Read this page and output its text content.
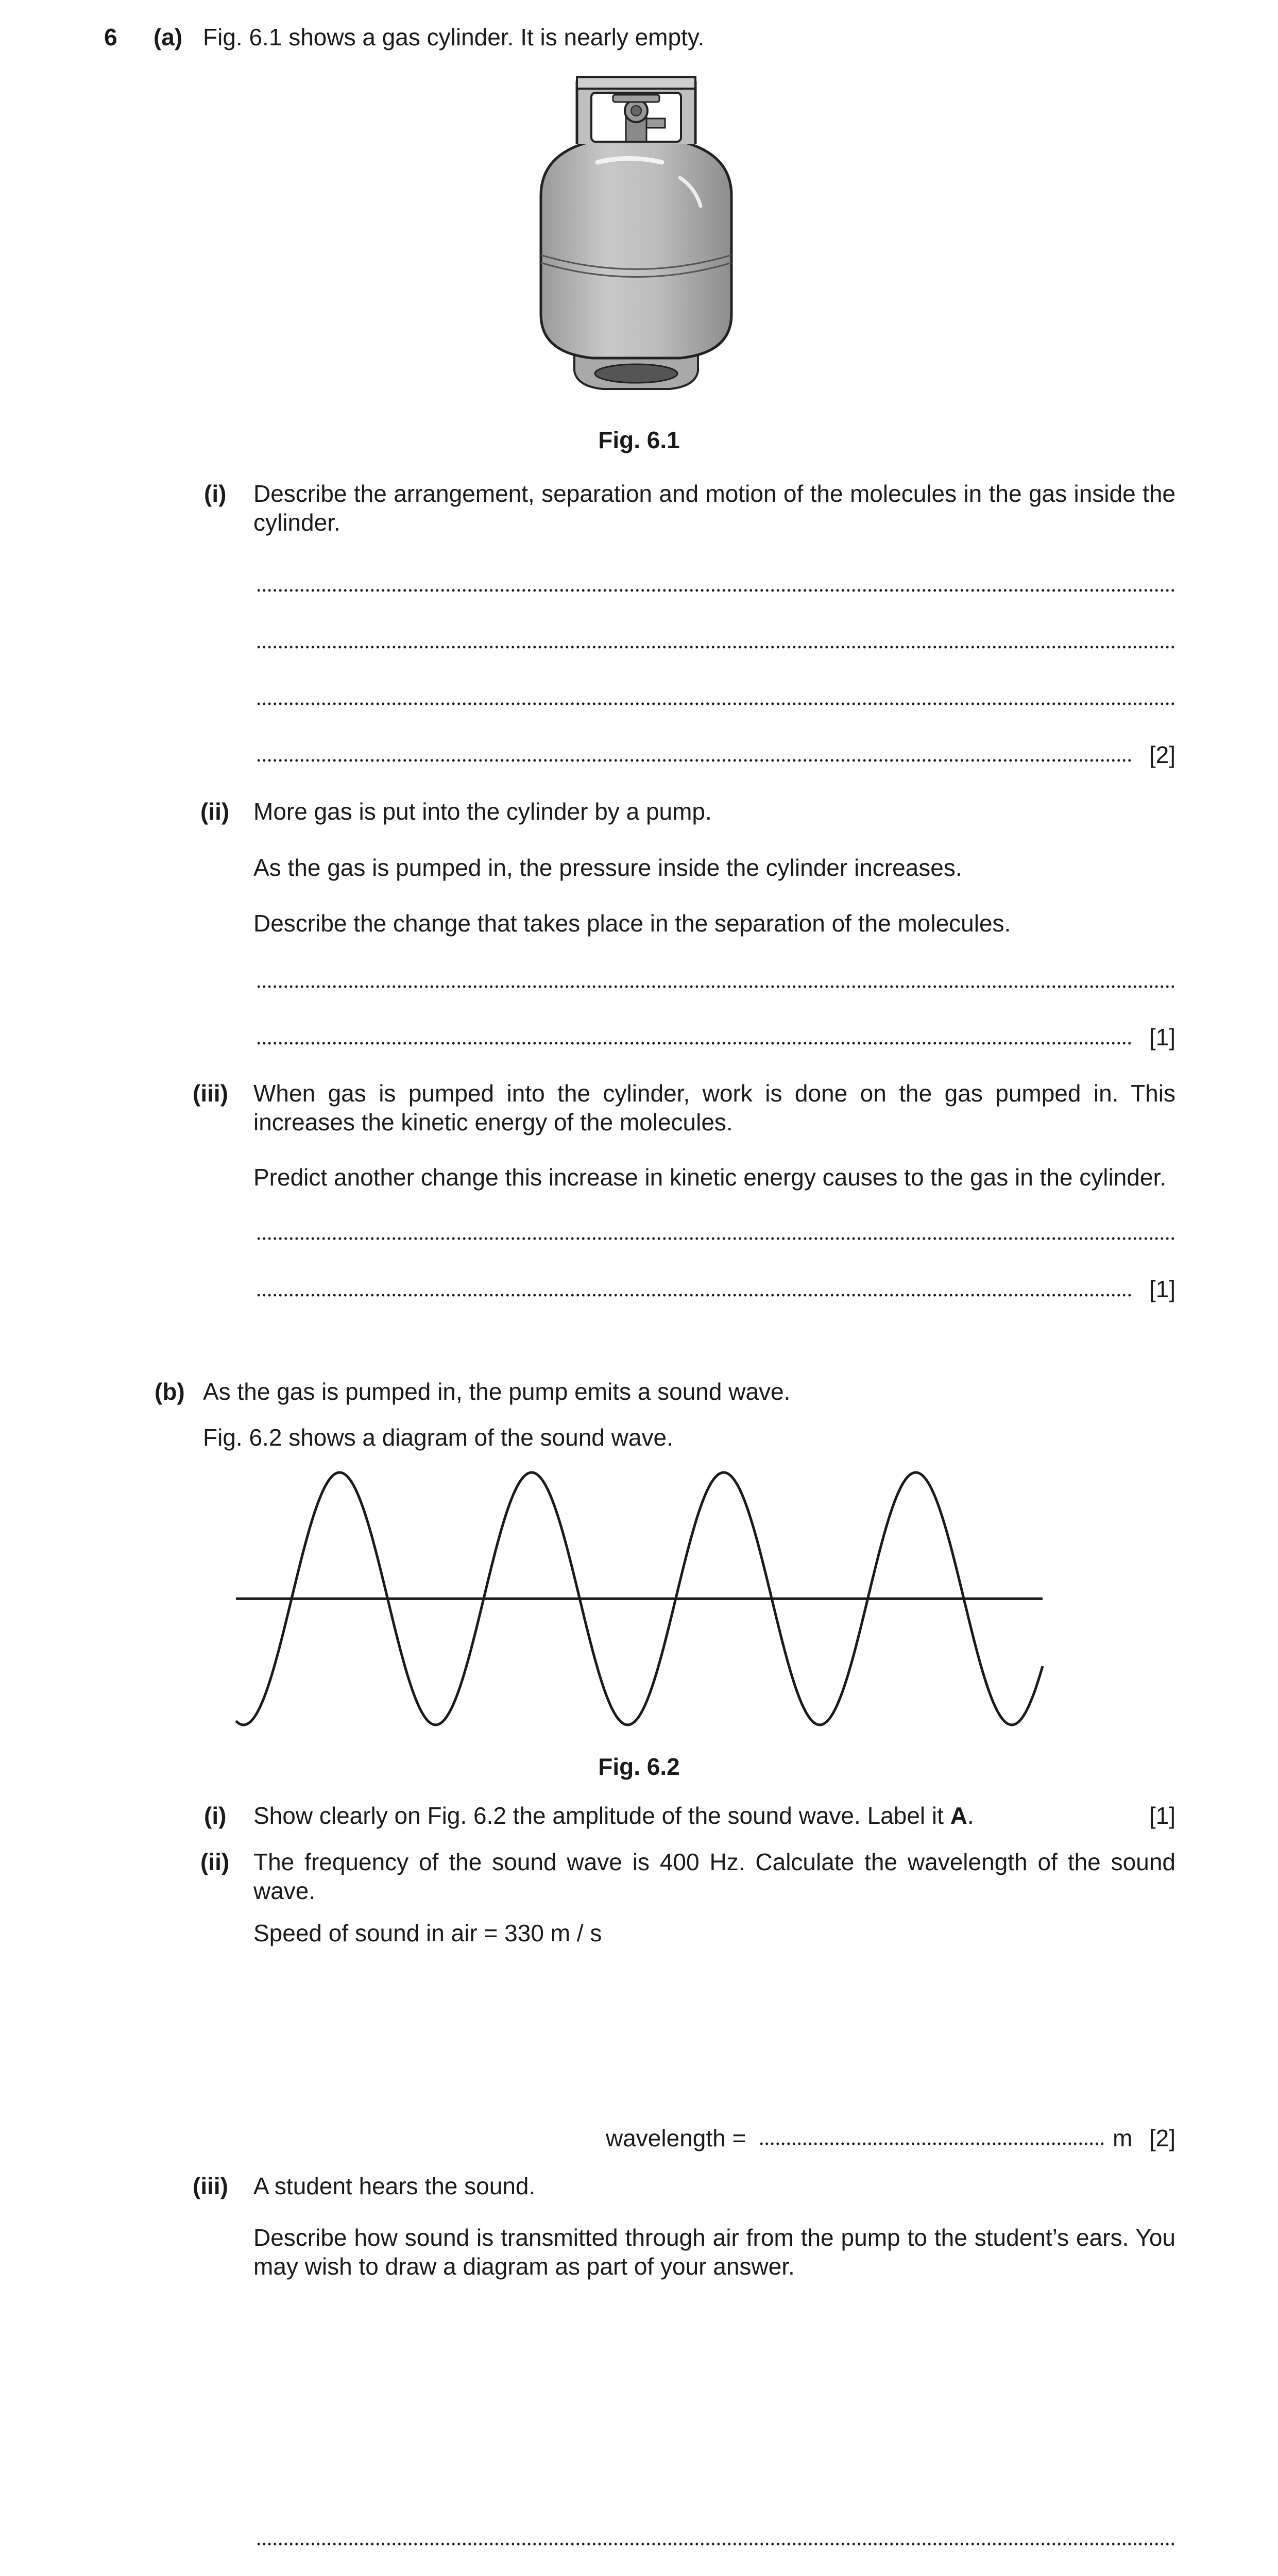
6 (a) Fig. 6.1 shows a gas cylinder. It is nearly empty.
Fig. 6.1
(i) Describe the arrangement, separation and motion of the molecules in the gas inside the cylinder.
[2]
(ii) More gas is put into the cylinder by a pump.
As the gas is pumped in, the pressure inside the cylinder increases.
Describe the change that takes place in the separation of the molecules.
[1]
(iii) When gas is pumped into the cylinder, work is done on the gas pumped in. This increases the kinetic energy of the molecules.
Predict another change this increase in kinetic energy causes to the gas in the cylinder.
[1]
(b) As the gas is pumped in, the pump emits a sound wave.
Fig. 6.2 shows a diagram of the sound wave.
Fig. 6.2
(i) Show clearly on Fig. 6.2 the amplitude of the sound wave. Label it A.	[1]
(ii) The frequency of the sound wave is 400 Hz. Calculate the wavelength of the sound wave.
Speed of sound in air = 330 m / s
wavelength =	m [2]
(iii) A student hears the sound.
Describe how sound is transmitted through air from the pump to the student’s ears. You may wish to draw a diagram as part of your answer.
